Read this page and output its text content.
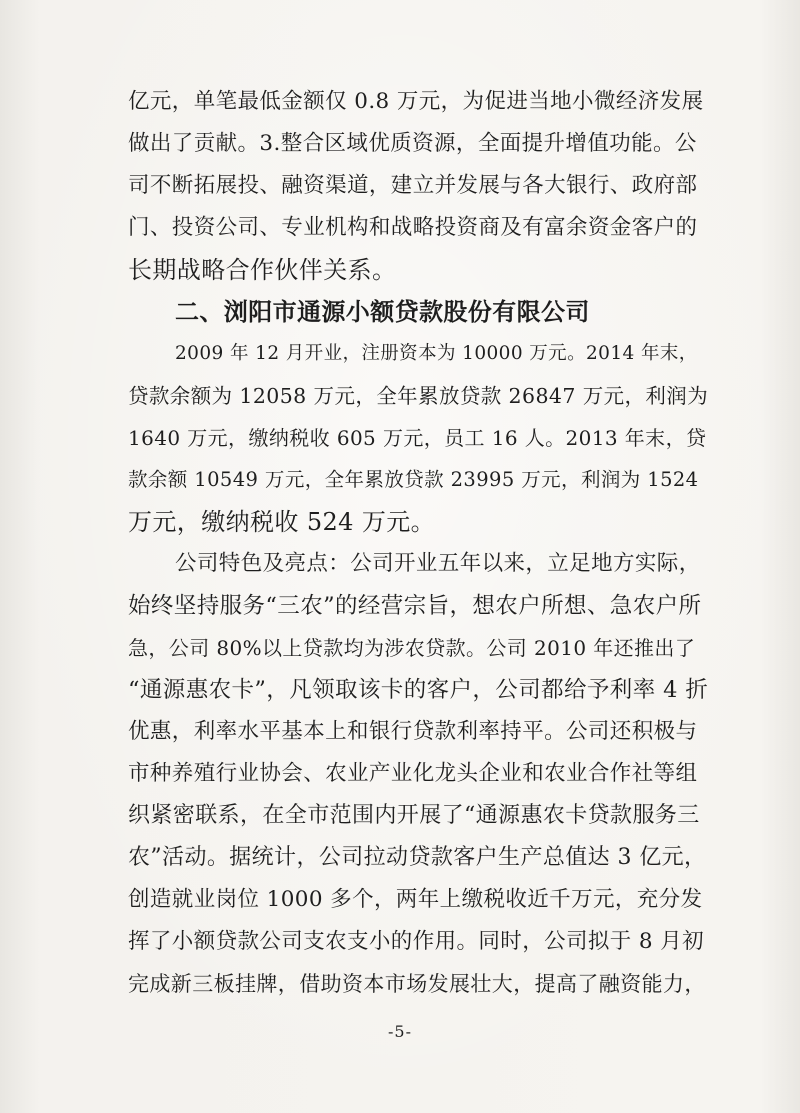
亿元，单笔最低金额仅 0.8 万元，为促进当地小微经济发展
做出了贡献。3.整合区域优质资源，全面提升增值功能。公
司不断拓展投、融资渠道，建立并发展与各大银行、政府部
门、投资公司、专业机构和战略投资商及有富余资金客户的
长期战略合作伙伴关系。
二、浏阳市通源小额贷款股份有限公司
2009 年 12 月开业，注册资本为 10000 万元。2014 年末，
贷款余额为 12058 万元，全年累放贷款 26847 万元，利润为
1640 万元，缴纳税收 605 万元，员工 16 人。2013 年末，贷
款余额 10549 万元，全年累放贷款 23995 万元，利润为 1524
万元，缴纳税收 524 万元。
公司特色及亮点：公司开业五年以来，立足地方实际，
始终坚持服务“三农”的经营宗旨，想农户所想、急农户所
急，公司 80%以上贷款均为涉农贷款。公司 2010 年还推出了
“通源惠农卡”，凡领取该卡的客户，公司都给予利率 4 折
优惠，利率水平基本上和银行贷款利率持平。公司还积极与
市种养殖行业协会、农业产业化龙头企业和农业合作社等组
织紧密联系，在全市范围内开展了“通源惠农卡贷款服务三
农”活动。据统计，公司拉动贷款客户生产总值达 3 亿元，
创造就业岗位 1000 多个，两年上缴税收近千万元，充分发
挥了小额贷款公司支农支小的作用。同时，公司拟于 8 月初
完成新三板挂牌，借助资本市场发展壮大，提高了融资能力，
-5-
